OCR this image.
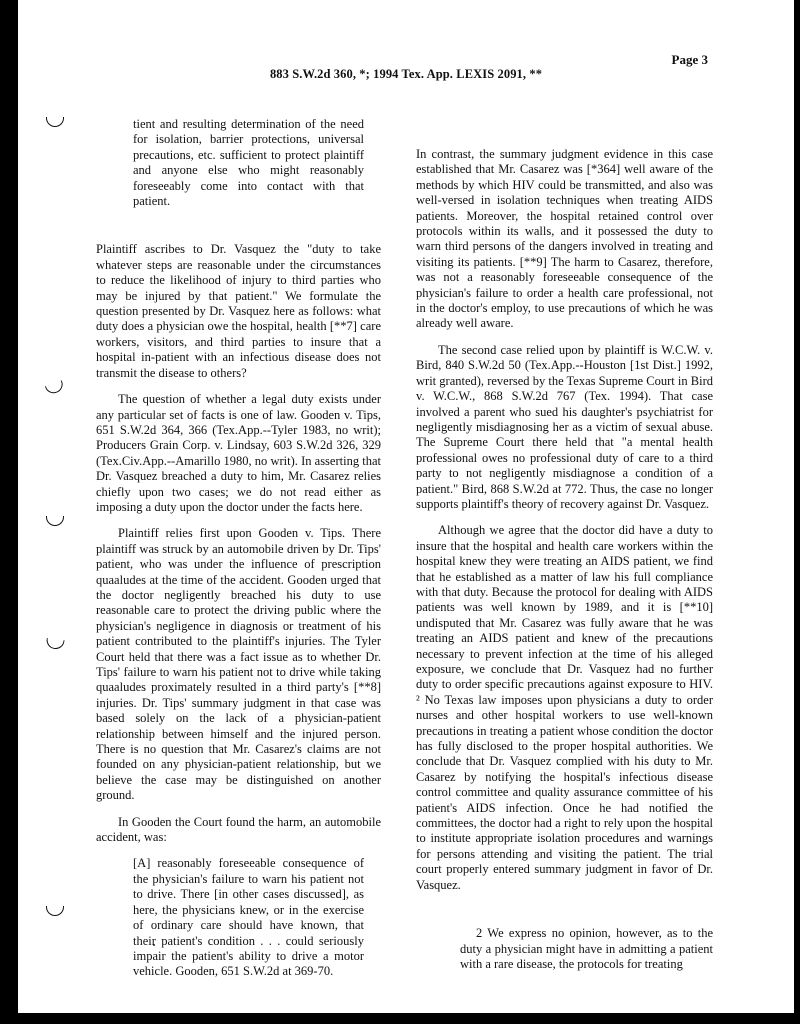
Page 3
883 S.W.2d 360, *; 1994 Tex. App. LEXIS 2091, **

tient and resulting determination of the need for isolation, barrier protections, universal precautions, etc. sufficient to protect plaintiff and anyone else who might reasonably foreseeably come into contact with that patient.

Plaintiff ascribes to Dr. Vasquez the "duty to take whatever steps are reasonable under the circumstances to reduce the likelihood of injury to third parties who may be injured by that patient." We formulate the question presented by Dr. Vasquez here as follows: what duty does a physician owe the hospital, health [**7] care workers, visitors, and third parties to insure that a hospital in-patient with an infectious disease does not transmit the disease to others?

The question of whether a legal duty exists under any particular set of facts is one of law. Gooden v. Tips, 651 S.W.2d 364, 366 (Tex.App.--Tyler 1983, no writ); Producers Grain Corp. v. Lindsay, 603 S.W.2d 326, 329 (Tex.Civ.App.--Amarillo 1980, no writ). In asserting that Dr. Vasquez breached a duty to him, Mr. Casarez relies chiefly upon two cases; we do not read either as imposing a duty upon the doctor under the facts here.

Plaintiff relies first upon Gooden v. Tips. There plaintiff was struck by an automobile driven by Dr. Tips' patient, who was under the influence of prescription quaaludes at the time of the accident. Gooden urged that the doctor negligently breached his duty to use reasonable care to protect the driving public where the physician's negligence in diagnosis or treatment of his patient contributed to the plaintiff's injuries. The Tyler Court held that there was a fact issue as to whether Dr. Tips' failure to warn his patient not to drive while taking quaaludes proximately resulted in a third party's [**8] injuries. Dr. Tips' summary judgment in that case was based solely on the lack of a physician-patient relationship between himself and the injured person. There is no question that Mr. Casarez's claims are not founded on any physician-patient relationship, but we believe the case may be distinguished on another ground.

In Gooden the Court found the harm, an automobile accident, was:

[A] reasonably foreseeable consequence of the physician's failure to warn his patient not to drive. There [in other cases discussed], as here, the physicians knew, or in the exercise of ordinary care should have known, that their patient's condition . . . could seriously impair the patient's ability to drive a motor vehicle. Gooden, 651 S.W.2d at 369-70.

In contrast, the summary judgment evidence in this case established that Mr. Casarez was [*364] well aware of the methods by which HIV could be transmitted, and also was well-versed in isolation techniques when treating AIDS patients. Moreover, the hospital retained control over protocols within its walls, and it possessed the duty to warn third persons of the dangers involved in treating and visiting its patients. [**9] The harm to Casarez, therefore, was not a reasonably foreseeable consequence of the physician's failure to order a health care professional, not in the doctor's employ, to use precautions of which he was already well aware.

The second case relied upon by plaintiff is W.C.W. v. Bird, 840 S.W.2d 50 (Tex.App.--Houston [1st Dist.] 1992, writ granted), reversed by the Texas Supreme Court in Bird v. W.C.W., 868 S.W.2d 767 (Tex. 1994). That case involved a parent who sued his daughter's psychiatrist for negligently misdiagnosing her as a victim of sexual abuse. The Supreme Court there held that "a mental health professional owes no professional duty of care to a third party to not negligently misdiagnose a condition of a patient." Bird, 868 S.W.2d at 772. Thus, the case no longer supports plaintiff's theory of recovery against Dr. Vasquez.

Although we agree that the doctor did have a duty to insure that the hospital and health care workers within the hospital knew they were treating an AIDS patient, we find that he established as a matter of law his full compliance with that duty. Because the protocol for dealing with AIDS patients was well known by 1989, and it is [**10] undisputed that Mr. Casarez was fully aware that he was treating an AIDS patient and knew of the precautions necessary to prevent infection at the time of his alleged exposure, we conclude that Dr. Vasquez had no further duty to order specific precautions against exposure to HIV. ² No Texas law imposes upon physicians a duty to order nurses and other hospital workers to use well-known precautions in treating a patient whose condition the doctor has fully disclosed to the proper hospital authorities. We conclude that Dr. Vasquez complied with his duty to Mr. Casarez by notifying the hospital's infectious disease control committee and quality assurance committee of his patient's AIDS infection. Once he had notified the committees, the doctor had a right to rely upon the hospital to institute appropriate isolation procedures and warnings for persons attending and visiting the patient. The trial court properly entered summary judgment in favor of Dr. Vasquez.

2 We express no opinion, however, as to the duty a physician might have in admitting a patient with a rare disease, the protocols for treating
